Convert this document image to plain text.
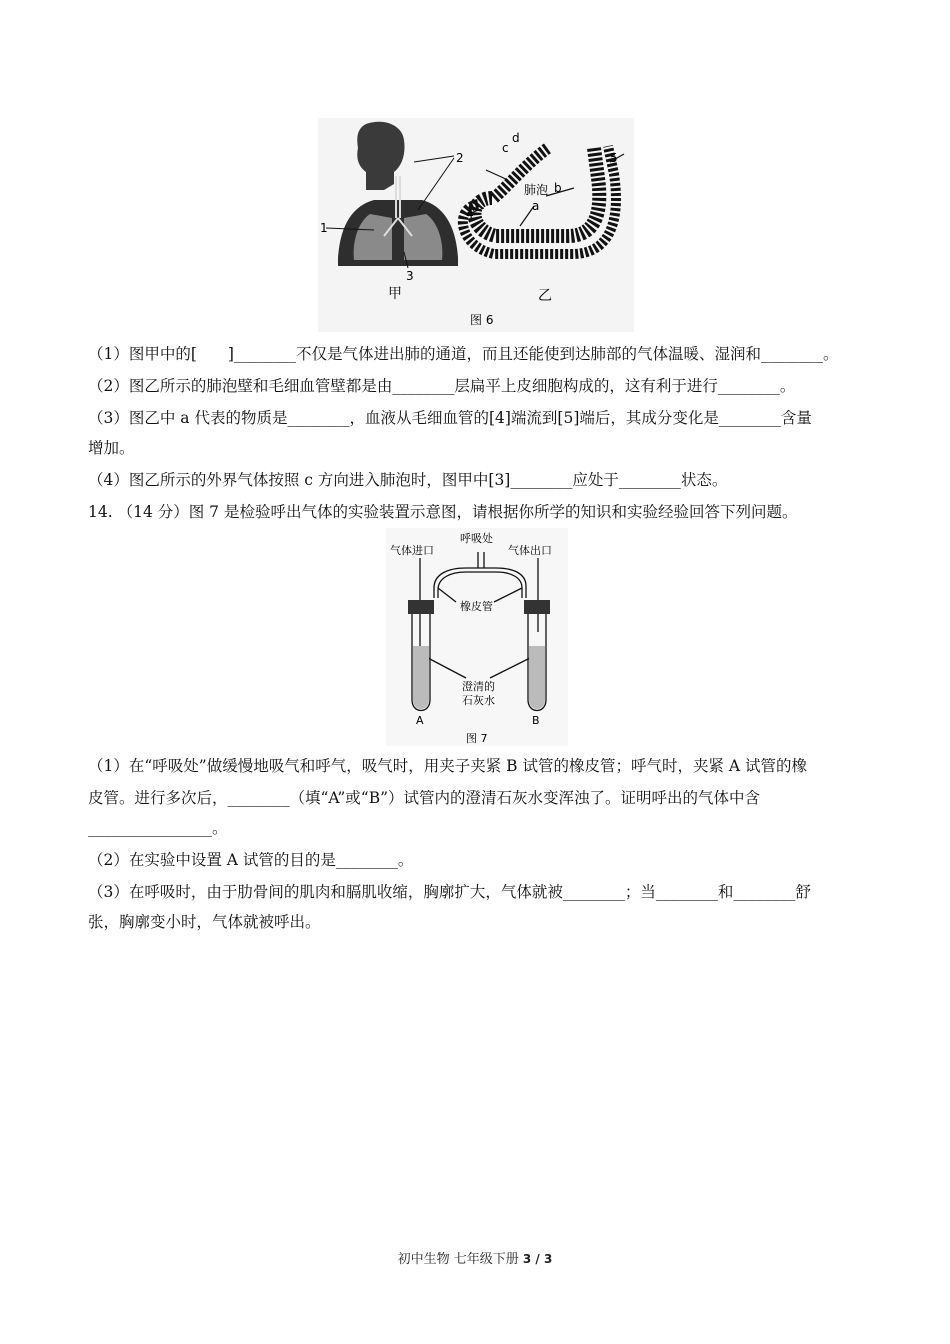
2
1
3
甲
c
d
肺泡 b
a
4
5
乙
图 6
（1）图甲中的[　　]________不仅是气体进出肺的通道，而且还能使到达肺部的气体温暖、湿润和________。
（2）图乙所示的肺泡壁和毛细血管壁都是由________层扁平上皮细胞构成的，这有利于进行________。
（3）图乙中 a 代表的物质是________，血液从毛细血管的[4]端流到[5]端后，其成分变化是________含量
增加。
（4）图乙所示的外界气体按照 c 方向进入肺泡时，图甲中[3]________应处于________状态。
14. （14 分）图 7 是检验呼出气体的实验装置示意图，请根据你所学的知识和实验经验回答下列问题。
气体进口
呼吸处
气体出口
橡皮管
澄清的
石灰水
A	B
图 7
（1）在“呼吸处”做缓慢地吸气和呼气，吸气时，用夹子夹紧 B 试管的橡皮管；呼气时，夹紧 A 试管的橡
皮管。进行多次后，________（填“A”或“B”）试管内的澄清石灰水变浑浊了。证明呼出的气体中含
________________。
（2）在实验中设置 A 试管的目的是________。
（3）在呼吸时，由于肋骨间的肌肉和膈肌收缩，胸廓扩大，气体就被________；当________和________舒
张，胸廓变小时，气体就被呼出。
初中生物 七年级下册 3 / 3
